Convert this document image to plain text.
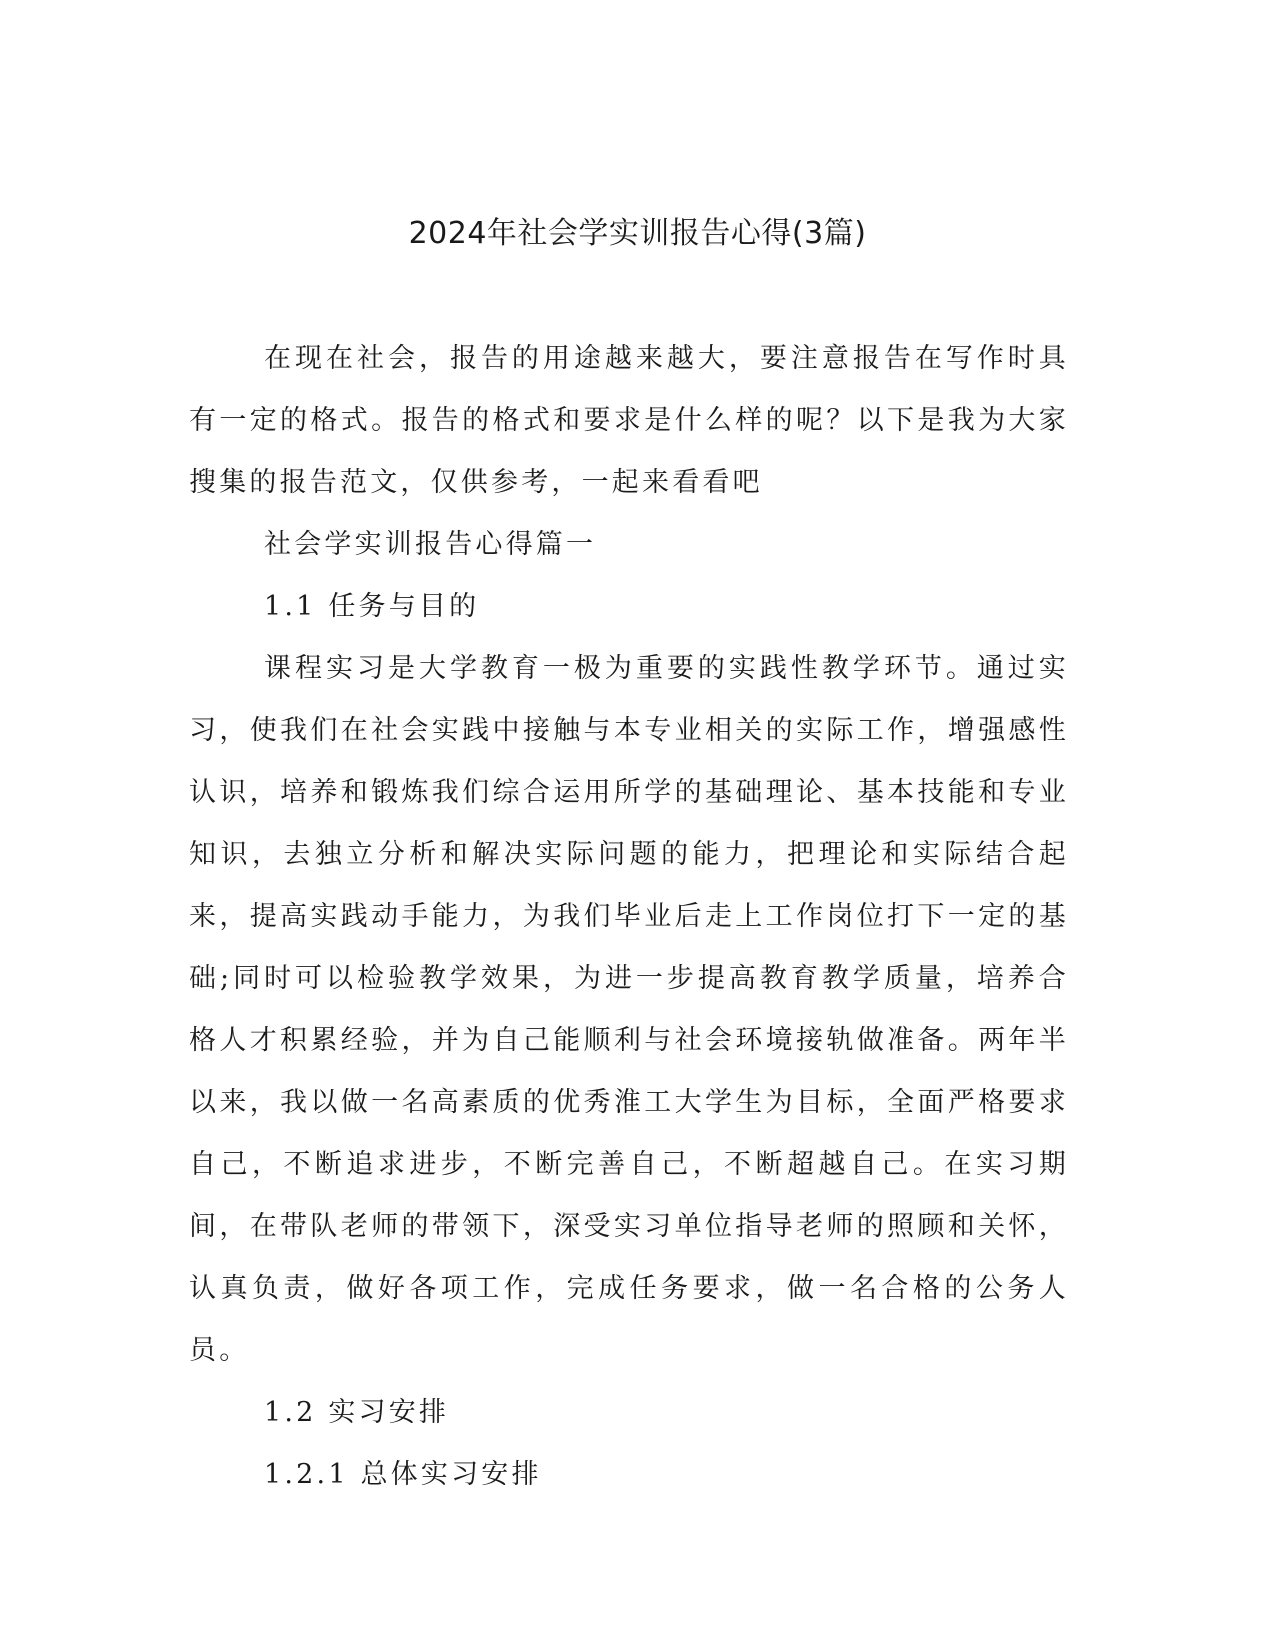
2024年社会学实训报告心得(3篇)

在现在社会，报告的用途越来越大，要注意报告在写作时具有一定的格式。报告的格式和要求是什么样的呢？以下是我为大家搜集的报告范文，仅供参考，一起来看看吧

社会学实训报告心得篇一

1.1 任务与目的

课程实习是大学教育一极为重要的实践性教学环节。通过实习，使我们在社会实践中接触与本专业相关的实际工作，增强感性认识，培养和锻炼我们综合运用所学的基础理论、基本技能和专业知识，去独立分析和解决实际问题的能力，把理论和实际结合起来，提高实践动手能力，为我们毕业后走上工作岗位打下一定的基础;同时可以检验教学效果，为进一步提高教育教学质量，培养合格人才积累经验，并为自己能顺利与社会环境接轨做准备。两年半以来，我以做一名高素质的优秀淮工大学生为目标，全面严格要求自己，不断追求进步，不断完善自己，不断超越自己。在实习期间，在带队老师的带领下，深受实习单位指导老师的照顾和关怀，认真负责，做好各项工作，完成任务要求，做一名合格的公务人员。

1.2 实习安排

1.2.1 总体实习安排
